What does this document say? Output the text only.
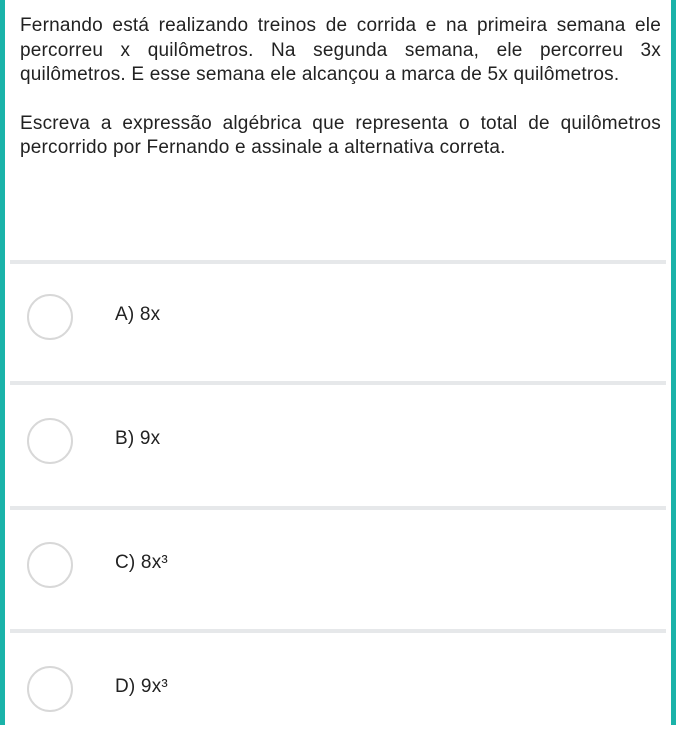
Fernando está realizando treinos de corrida e na primeira semana ele percorreu x quilômetros. Na segunda semana, ele percorreu 3x quilômetros. E esse semana ele alcançou a marca de 5x quilômetros.

Escreva a expressão algébrica que representa o total de quilômetros percorrido por Fernando e assinale a alternativa correta.

A) 8x
B) 9x
C) 8x³
D) 9x³
